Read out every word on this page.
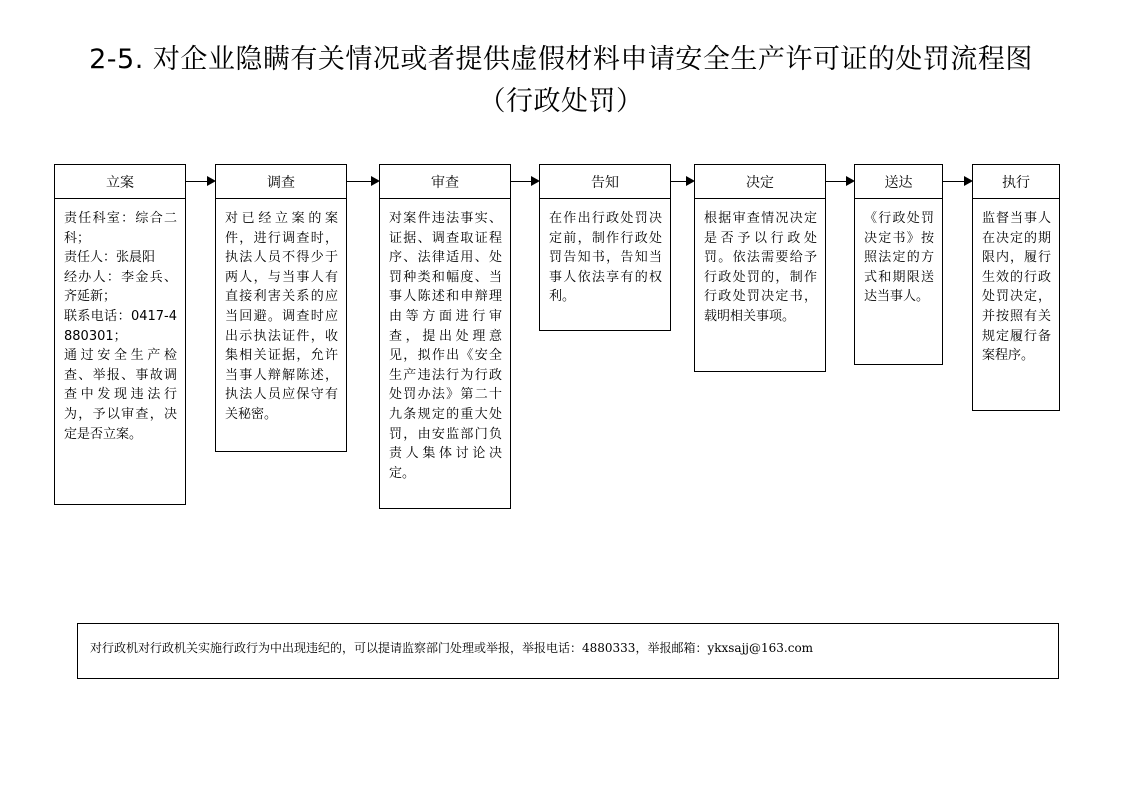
2-5. 对企业隐瞒有关情况或者提供虚假材料申请安全生产许可证的处罚流程图
（行政处罚）
立案
责任科室：综合二科；
责任人：张晨阳
经办人：李金兵、齐延新；
联系电话：0417-4880301；
通过安全生产检查、举报、事故调查中发现违法行为，予以审查，决定是否立案。
调查
对已经立案的案件，进行调查时，执法人员不得少于两人，与当事人有直接利害关系的应当回避。调查时应出示执法证件，收集相关证据，允许当事人辩解陈述，执法人员应保守有关秘密。
审查
对案件违法事实、证据、调查取证程序、法律适用、处罚种类和幅度、当事人陈述和申辩理由等方面进行审查，提出处理意见，拟作出《安全生产违法行为行政处罚办法》第二十九条规定的重大处罚，由安监部门负责人集体讨论决定。
告知
在作出行政处罚决定前，制作行政处罚告知书，告知当事人依法享有的权利。
决定
根据审查情况决定是否予以行政处罚。依法需要给予行政处罚的，制作行政处罚决定书，载明相关事项。
送达
《行政处罚决定书》按照法定的方式和期限送达当事人。
执行
监督当事人在决定的期限内，履行生效的行政处罚决定，并按照有关规定履行备案程序。
对行政机对行政机关实施行政行为中出现违纪的，可以提请监察部门处理或举报，举报电话：4880333，举报邮箱：ykxsajj@163.com
